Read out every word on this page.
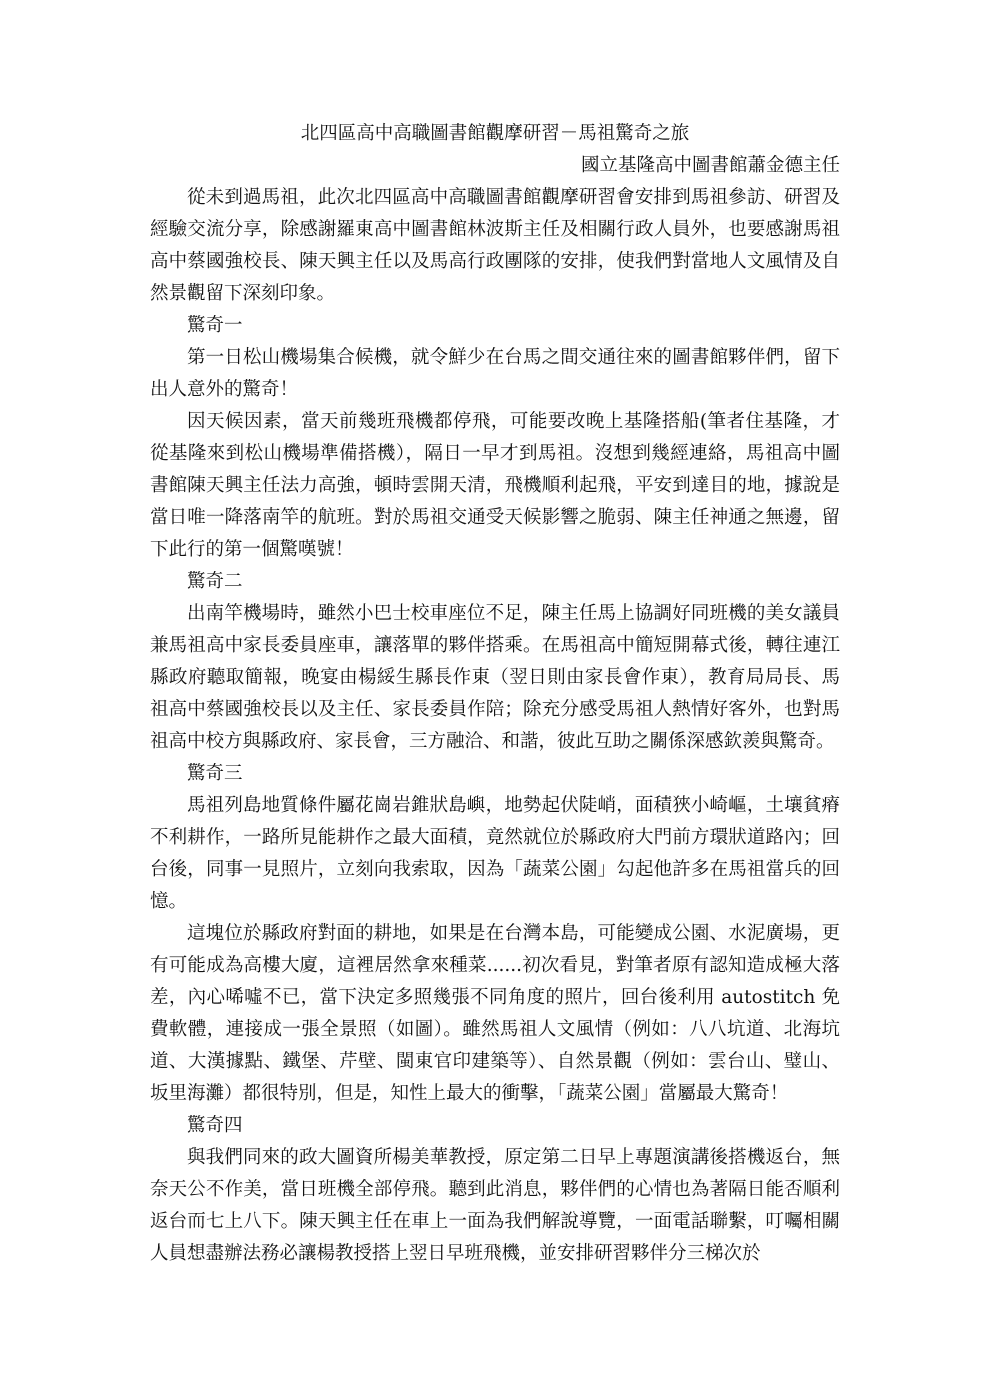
北四區高中高職圖書館觀摩研習－馬祖驚奇之旅

國立基隆高中圖書館蕭金德主任

從未到過馬祖，此次北四區高中高職圖書館觀摩研習會安排到馬祖參訪、研習及經驗交流分享，除感謝羅東高中圖書館林波斯主任及相關行政人員外，也要感謝馬祖高中蔡國強校長、陳天興主任以及馬高行政團隊的安排，使我們對當地人文風情及自然景觀留下深刻印象。

驚奇一

第一日松山機場集合候機，就令鮮少在台馬之間交通往來的圖書館夥伴們，留下出人意外的驚奇！

因天候因素，當天前幾班飛機都停飛，可能要改晚上基隆搭船(筆者住基隆，才從基隆來到松山機場準備搭機），隔日一早才到馬祖。沒想到幾經連絡，馬祖高中圖書館陳天興主任法力高強，頓時雲開天清，飛機順利起飛，平安到達目的地，據說是當日唯一降落南竿的航班。對於馬祖交通受天候影響之脆弱、陳主任神通之無邊，留下此行的第一個驚嘆號！

驚奇二

出南竿機場時，雖然小巴士校車座位不足，陳主任馬上協調好同班機的美女議員兼馬祖高中家長委員座車，讓落單的夥伴搭乘。在馬祖高中簡短開幕式後，轉往連江縣政府聽取簡報，晚宴由楊綏生縣長作東（翌日則由家長會作東），教育局局長、馬祖高中蔡國強校長以及主任、家長委員作陪；除充分感受馬祖人熱情好客外，也對馬祖高中校方與縣政府、家長會，三方融洽、和諧，彼此互助之關係深感欽羨與驚奇。

驚奇三

馬祖列島地質條件屬花崗岩錐狀島嶼，地勢起伏陡峭，面積狹小崎嶇，土壤貧瘠不利耕作，一路所見能耕作之最大面積，竟然就位於縣政府大門前方環狀道路內；回台後，同事一見照片，立刻向我索取，因為「蔬菜公園」勾起他許多在馬祖當兵的回憶。

這塊位於縣政府對面的耕地，如果是在台灣本島，可能變成公園、水泥廣場，更有可能成為高樓大廈，這裡居然拿來種菜......初次看見，對筆者原有認知造成極大落差，內心唏噓不已，當下決定多照幾張不同角度的照片，回台後利用 autostitch 免費軟體，連接成一張全景照（如圖）。雖然馬祖人文風情（例如：八八坑道、北海坑道、大漢據點、鐵堡、芹壁、閩東官印建築等）、自然景觀（例如：雲台山、璧山、坂里海灘）都很特別，但是，知性上最大的衝擊，「蔬菜公園」當屬最大驚奇！

驚奇四

與我們同來的政大圖資所楊美華教授，原定第二日早上專題演講後搭機返台，無奈天公不作美，當日班機全部停飛。聽到此消息，夥伴們的心情也為著隔日能否順利返台而七上八下。陳天興主任在車上一面為我們解說導覽，一面電話聯繫，叮囑相關人員想盡辦法務必讓楊教授搭上翌日早班飛機，並安排研習夥伴分三梯次於
